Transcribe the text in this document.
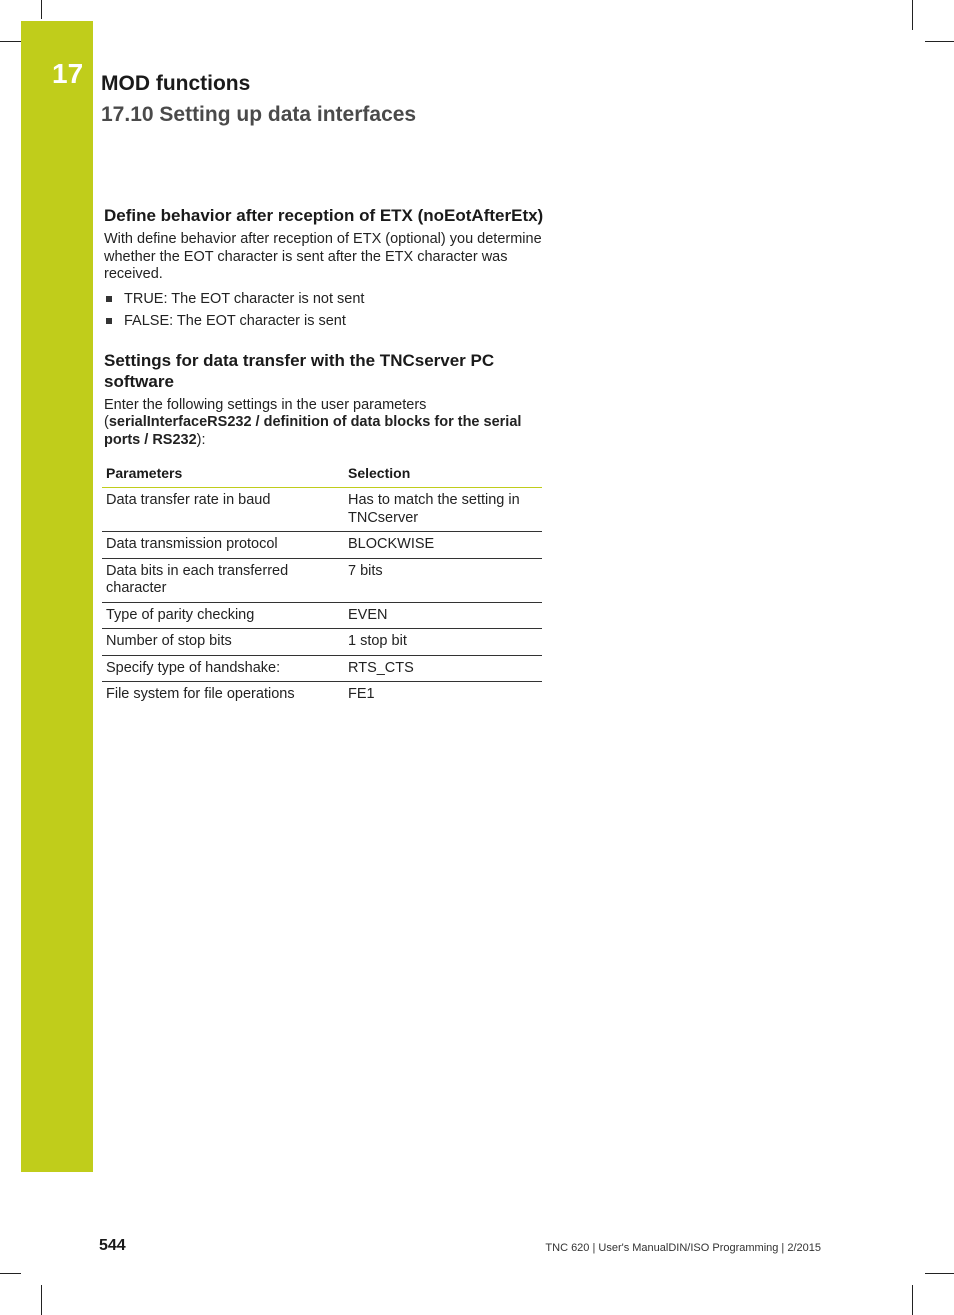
17 MOD functions
17.10 Setting up data interfaces
Define behavior after reception of ETX (noEotAfterEtx)

With define behavior after reception of ETX (optional) you determine whether the EOT character is sent after the ETX character was received.

TRUE: The EOT character is not sent
FALSE: The EOT character is sent
Settings for data transfer with the TNCserver PC software

Enter the following settings in the user parameters (serialInterfaceRS232 / definition of data blocks for the serial ports / RS232):

Parameters	Selection
Data transfer rate in baud	Has to match the setting in TNCserver
Data transmission protocol	BLOCKWISE
Data bits in each transferred character	7 bits
Type of parity checking	EVEN
Number of stop bits	1 stop bit
Specify type of handshake:	RTS_CTS
File system for file operations	FE1
544	TNC 620 | User's ManualDIN/ISO Programming | 2/2015
